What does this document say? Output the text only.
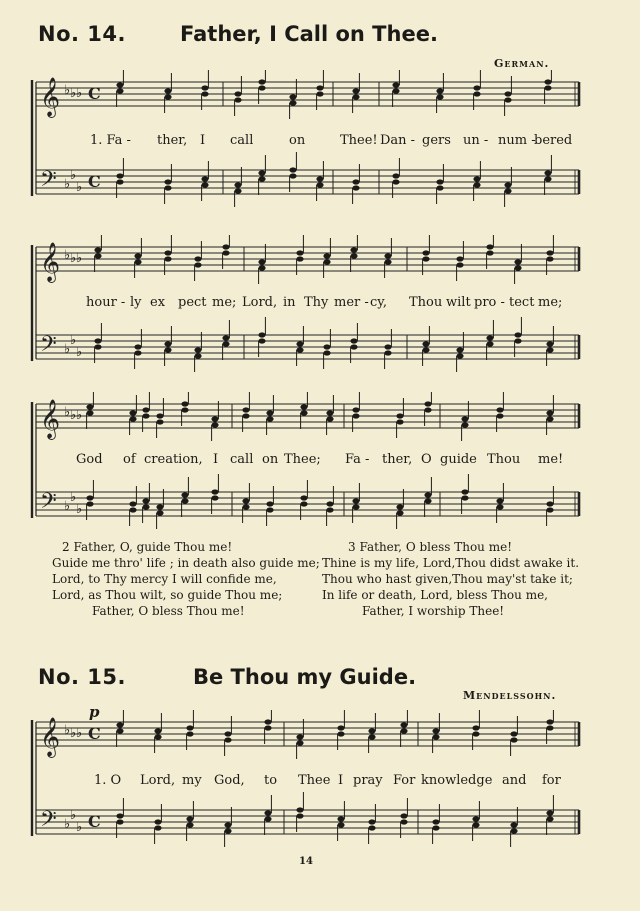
No. 14.	Father, I Call on Thee.
German.
𝄞
𝄢
♭ ♭ ♭
♭
♭
♭
C
C
1. Fa - ther, I call	on	Thee! Dan - gers un - num -
bered
𝄞
𝄢
♭ ♭ ♭
♭
♭
♭
hour - ly ex pect me; Lord, in Thy mer - cy, Thou wilt pro - tect me;
𝄞
𝄢
♭ ♭ ♭
♭
♭
♭
God of creation, I call on Thee; Fa - ther, O guide Thou me!
2 Father, O, guide Thou me!
Guide me thro' life ; in death also guide me;
Lord, to Thy mercy I will confide me,
Lord, as Thou wilt, so guide Thou me;
Father, O bless Thou me!
3 Father, O bless Thou me!
Thine is my life, Lord,Thou didst awake it.
Thou who hast given,Thou may'st take it;
In life or death, Lord, bless Thou me,
Father, I worship Thee!
No. 15.	Be Thou my Guide.
Mendelssohn.
𝄞
𝄢
♭ ♭ ♭
♭
♭
♭
C
C
p
1. O Lord, my God, to Thee I pray For knowledge and for
14
